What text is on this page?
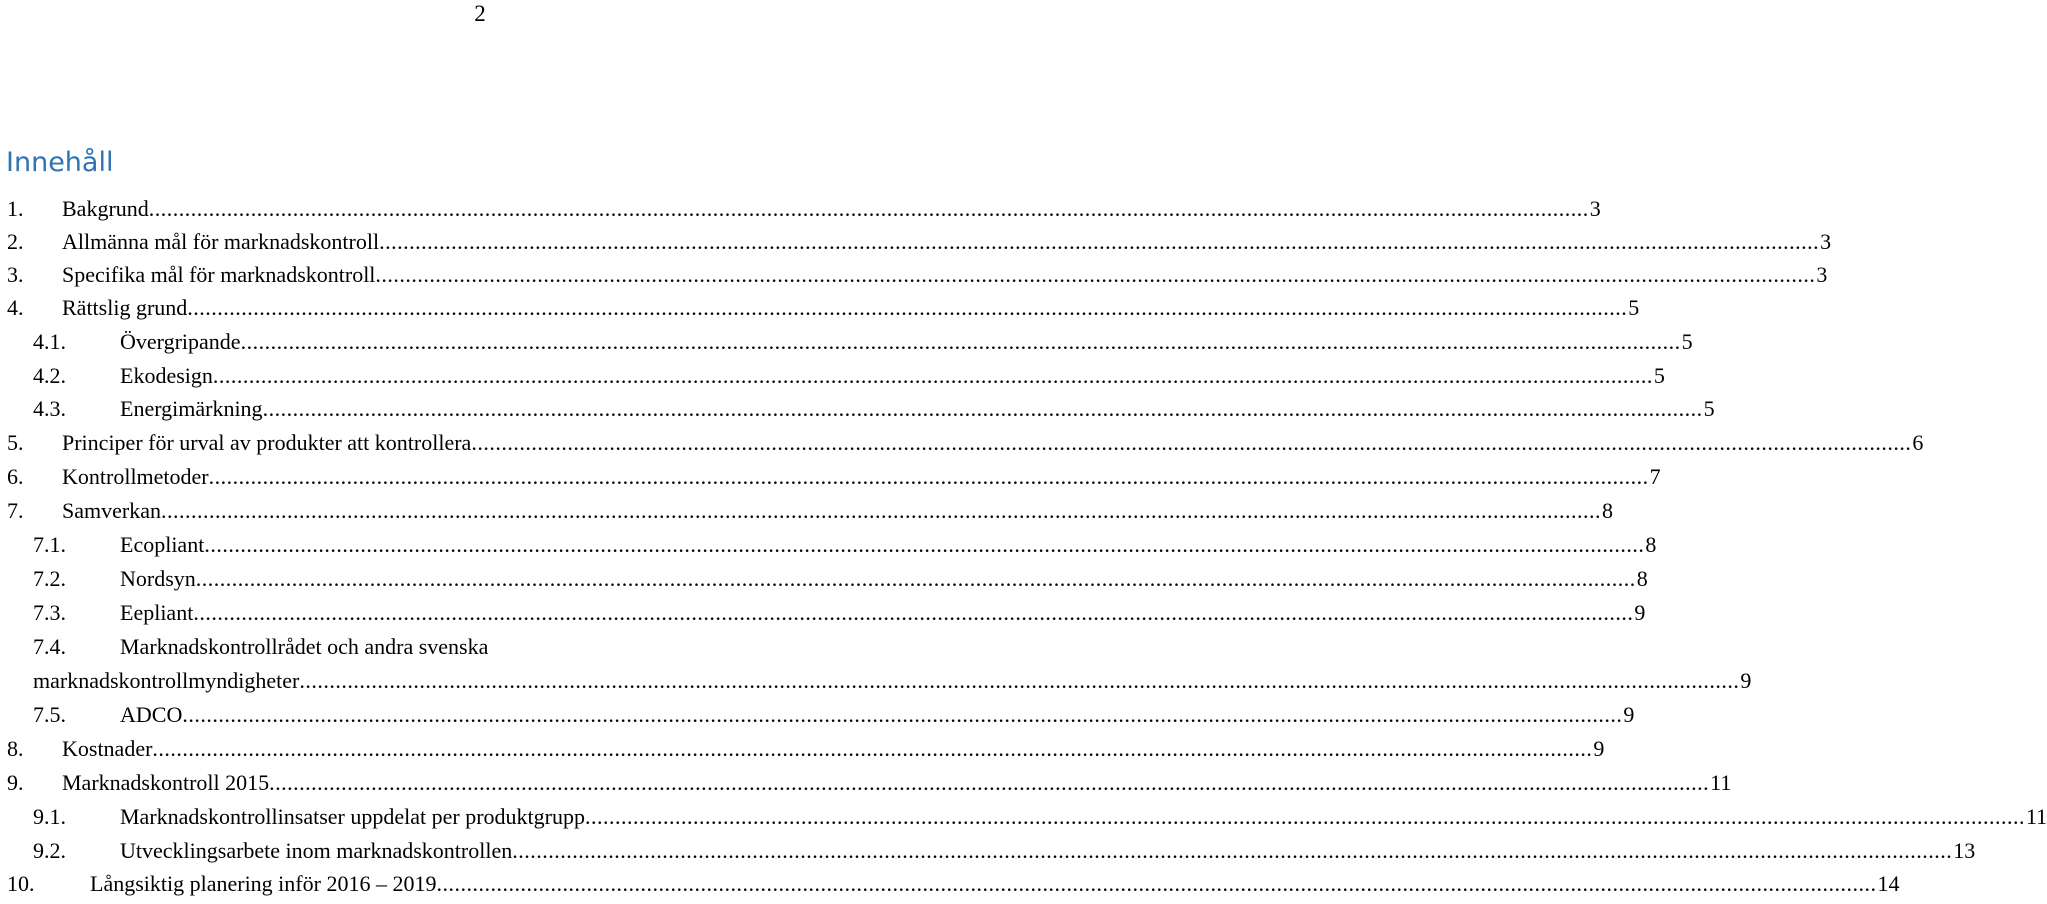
2
Innehåll
1. Bakgrund .....	3
2. Allmänna mål för marknadskontroll .....	3
3. Specifika mål för marknadskontroll .....	3
4. Rättslig grund .....	5
4.1. Övergripande .....	5
4.2. Ekodesign .....	5
4.3. Energimärkning .....	5
5. Principer för urval av produkter att kontrollera .....	6
6. Kontrollmetoder .....	7
7. Samverkan .....	8
7.1. Ecopliant .....	8
7.2. Nordsyn .....	8
7.3. Eepliant .....	9
7.4. Marknadskontrollrådet och andra svenska
marknadskontrollmyndigheter .....	9
7.5. ADCO .....	9
8. Kostnader .....	9
9. Marknadskontroll 2015 .....	11
9.1. Marknadskontrollinsatser uppdelat per produktgrupp .....	11
9.2. Utvecklingsarbete inom marknadskontrollen .....	13
10.	Långsiktig planering inför 2016 – 2019 .....	14
